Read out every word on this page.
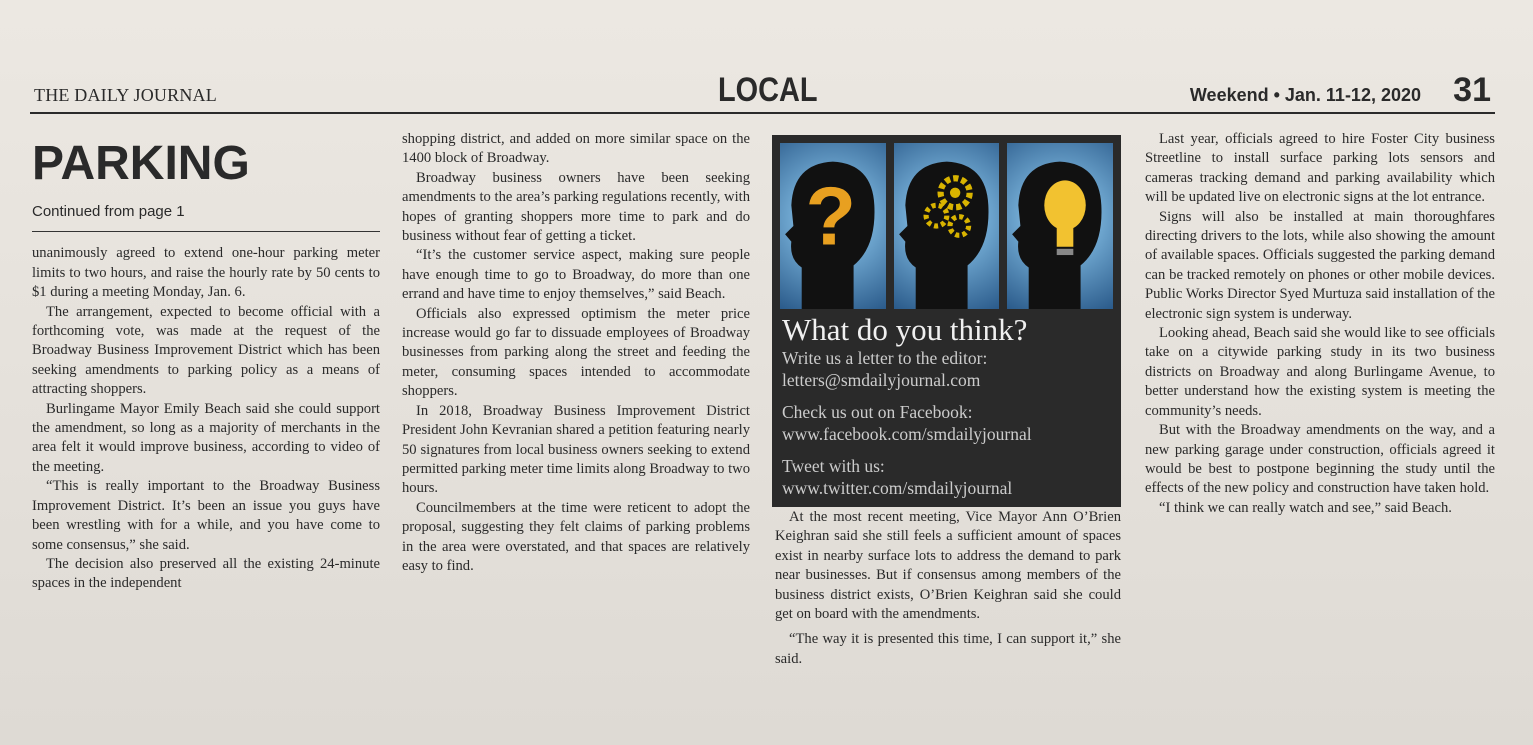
THE DAILY JOURNAL	LOCAL	Weekend • Jan. 11-12, 2020 31
PARKING
Continued from page 1

unanimously agreed to extend one-hour parking meter limits to two hours, and raise the hourly rate by 50 cents to $1 during a meeting Monday, Jan. 6.

The arrangement, expected to become official with a forthcoming vote, was made at the request of the Broadway Business Improvement District which has been seeking amendments to parking policy as a means of attracting shoppers.

Burlingame Mayor Emily Beach said she could support the amendment, so long as a majority of merchants in the area felt it would improve business, according to video of the meeting.

“This is really important to the Broadway Business Improvement District. It’s been an issue you guys have been wrestling with for a while, and you have come to some consensus,” she said.

The decision also preserved all the existing 24-minute spaces in the independent

shopping district, and added on more similar space on the 1400 block of Broadway.

Broadway business owners have been seeking amendments to the area’s parking regulations recently, with hopes of granting shoppers more time to park and do business without fear of getting a ticket.

“It’s the customer service aspect, making sure people have enough time to go to Broadway, do more than one errand and have time to enjoy themselves,” said Beach.

Officials also expressed optimism the meter price increase would go far to dissuade employees of Broadway businesses from parking along the street and feeding the meter, consuming spaces intended to accommodate shoppers.

In 2018, Broadway Business Improvement District President John Kevranian shared a petition featuring nearly 50 signatures from local business owners seeking to extend permitted parking meter time limits along Broadway to two hours.

Councilmembers at the time were reticent to adopt the proposal, suggesting they felt claims of parking problems in the area were overstated, and that spaces are relatively easy to find.

?
What do you think?
Write us a letter to the editor:
letters@smdailyjournal.com
Check us out on Facebook:
www.facebook.com/smdailyjournal
Tweet with us:
www.twitter.com/smdailyjournal

At the most recent meeting, Vice Mayor Ann O’Brien Keighran said she still feels a sufficient amount of spaces exist in nearby surface lots to address the demand to park near businesses. But if consensus among members of the business district exists, O’Brien Keighran said she could get on board with the amendments.

“The way it is presented this time, I can support it,” she said.

Last year, officials agreed to hire Foster City business Streetline to install surface parking lots sensors and cameras tracking demand and parking availability which will be updated live on electronic signs at the lot entrance.

Signs will also be installed at main thoroughfares directing drivers to the lots, while also showing the amount of available spaces. Officials suggested the parking demand can be tracked remotely on phones or other mobile devices. Public Works Director Syed Murtuza said installation of the electronic sign system is underway.

Looking ahead, Beach said she would like to see officials take on a citywide parking study in its two business districts on Broadway and along Burlingame Avenue, to better understand how the existing system is meeting the community’s needs.

But with the Broadway amendments on the way, and a new parking garage under construction, officials agreed it would be best to postpone beginning the study until the effects of the new policy and construction have taken hold.

“I think we can really watch and see,” said Beach.
